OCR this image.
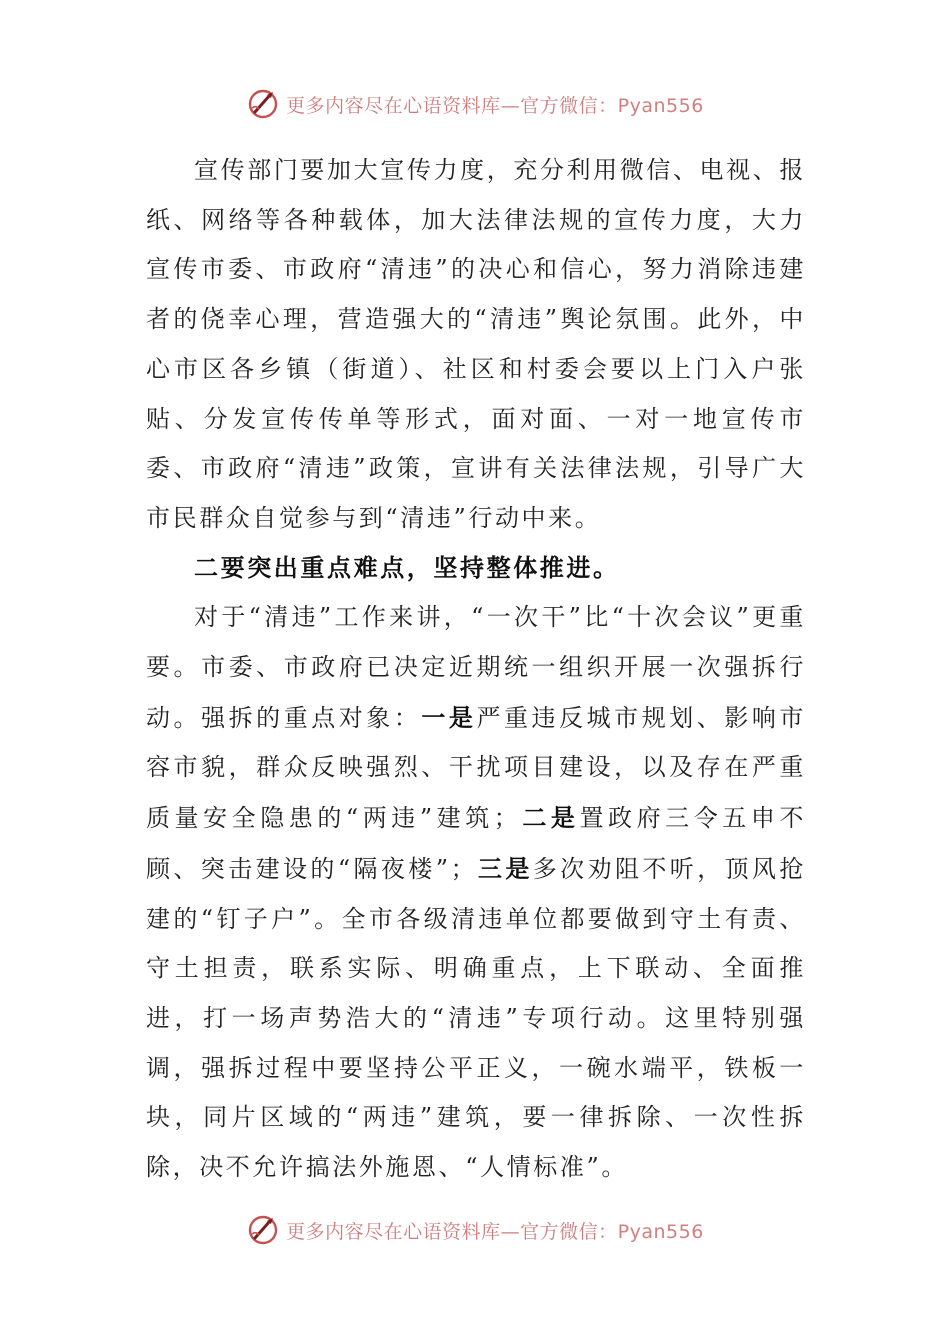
更多内容尽在心语资料库—官方微信：Pyan556

宣传部门要加大宣传力度，充分利用微信、电视、报纸、网络等各种载体，加大法律法规的宣传力度，大力宣传市委、市政府“清违”的决心和信心，努力消除违建者的侥幸心理，营造强大的“清违”舆论氛围。此外，中心市区各乡镇（街道）、社区和村委会要以上门入户张贴、分发宣传传单等形式，面对面、一对一地宣传市委、市政府“清违”政策，宣讲有关法律法规，引导广大市民群众自觉参与到“清违”行动中来。

二要突出重点难点，坚持整体推进。

对于“清违”工作来讲，“一次干”比“十次会议”更重要。市委、市政府已决定近期统一组织开展一次强拆行动。强拆的重点对象：一是严重违反城市规划、影响市容市貌，群众反映强烈、干扰项目建设，以及存在严重质量安全隐患的“两违”建筑；二是置政府三令五申不顾、突击建设的“隔夜楼”；三是多次劝阻不听，顶风抢建的“钉子户”。全市各级清违单位都要做到守土有责、守土担责，联系实际、明确重点，上下联动、全面推进，打一场声势浩大的“清违”专项行动。这里特别强调，强拆过程中要坚持公平正义，一碗水端平，铁板一块，同片区域的“两违”建筑，要一律拆除、一次性拆除，决不允许搞法外施恩、“人情标准”。

更多内容尽在心语资料库—官方微信：Pyan556
